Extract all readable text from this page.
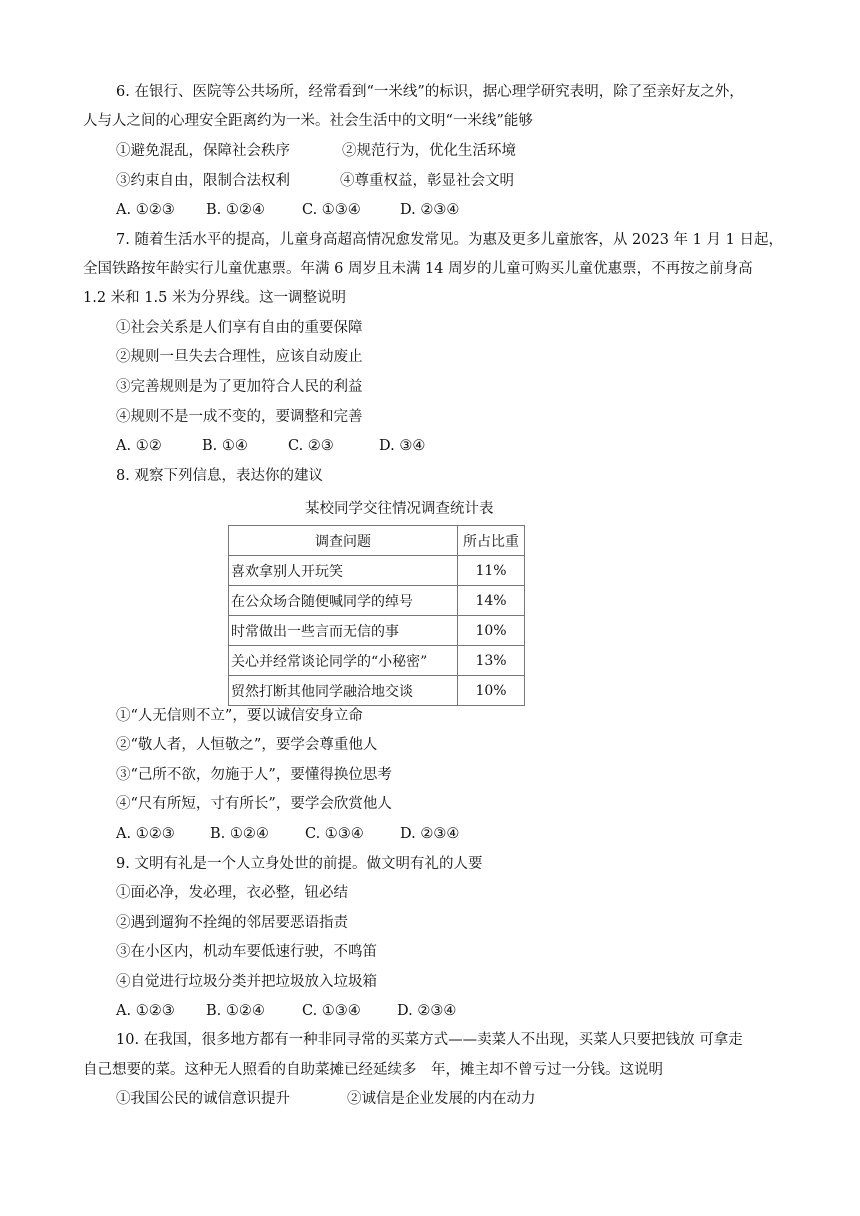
6. 在银行、医院等公共场所，经常看到“一米线”的标识，据心理学研究表明，除了至亲好友之外，
人与人之间的心理安全距离约为一米。社会生活中的文明“一米线”能够
①避免混乱，保障社会秩序	②规范行为，优化生活环境
③约束自由，限制合法权利	④尊重权益，彰显社会文明
A. ①②③ B. ①②④	C. ①③④	D. ②③④
7. 随着生活水平的提高，儿童身高超高情况愈发常见。为惠及更多儿童旅客，从 2023 年 1 月 1 日起，
全国铁路按年龄实行儿童优惠票。年满 6 周岁且未满 14 周岁的儿童可购买儿童优惠票，不再按之前身高
1.2 米和 1.5 米为分界线。这一调整说明
①社会关系是人们享有自由的重要保障
②规则一旦失去合理性，应该自动废止
③完善规则是为了更加符合人民的利益
④规则不是一成不变的，要调整和完善
A. ①②	B. ①④	C. ②③	D. ③④
8. 观察下列信息，表达你的建议
某校同学交往情况调查统计表
调查问题	所占比重
喜欢拿别人开玩笑	11%
在公众场合随便喊同学的绰号	14%
时常做出一些言而无信的事	10%
关心并经常谈论同学的“小秘密”	13%
贸然打断其他同学融洽地交谈	10%
①“人无信则不立”，要以诚信安身立命
②“敬人者，人恒敬之”，要学会尊重他人
③“己所不欲，勿施于人”，要懂得换位思考
④“尺有所短，寸有所长”，要学会欣赏他人
A. ①②③ B. ①②④ C. ①③④ D. ②③④
9. 文明有礼是一个人立身处世的前提。做文明有礼的人要
①面必净，发必理，衣必整，钮必结
②遇到遛狗不拴绳的邻居要恶语指责
③在小区内，机动车要低速行驶，不鸣笛
④自觉进行垃圾分类并把垃圾放入垃圾箱
A. ①②③ B. ①②④	C. ①③④ D. ②③④
10. 在我国，很多地方都有一种非同寻常的买菜方式——卖菜人不出现，买菜人只要把钱放 可拿走
自己想要的菜。这种无人照看的自助菜摊已经延续多　年，摊主却不曾亏过一分钱。这说明
①我国公民的诚信意识提升	②诚信是企业发展的内在动力
